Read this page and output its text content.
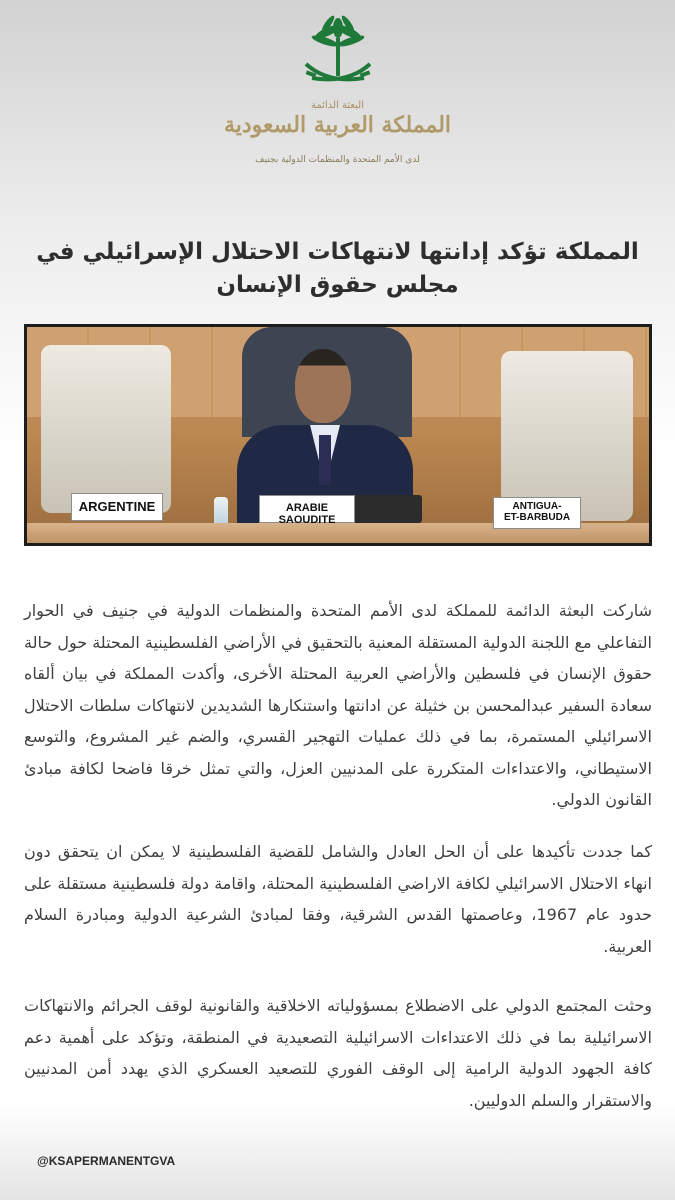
البعثة الدائمة
المملكة العربية السعودية
لدى الأمم المتحدة والمنظمات الدولية بجنيف
المملكة تؤكد إدانتها لانتهاكات الاحتلال الإسرائيلي في
مجلس حقوق الإنسان
ARGENTINE	ARABIE SAOUDITE
ANTIGUA-
ET-BARBUDA

شاركت البعثة الدائمة للمملكة لدى الأمم المتحدة والمنظمات الدولية في جنيف في الحوار التفاعلي مع اللجنة الدولية المستقلة المعنية بالتحقيق في الأراضي الفلسطينية المحتلة حول حالة حقوق الإنسان في فلسطين والأراضي العربية المحتلة الأخرى، وأكدت المملكة في بيان ألقاه سعادة السفير عبدالمحسن بن خثيلة عن ادانتها واستنكارها الشديدين لانتهاكات سلطات الاحتلال الاسرائيلي المستمرة، بما في ذلك عمليات التهجير القسري، والضم غير المشروع، والتوسع الاستيطاني، والاعتداءات المتكررة على المدنيين العزل، والتي تمثل خرقا فاضحا لكافة مبادئ القانون الدولي.

كما جددت تأكيدها على أن الحل العادل والشامل للقضية الفلسطينية لا يمكن ان يتحقق دون انهاء الاحتلال الاسرائيلي لكافة الاراضي الفلسطينية المحتلة، واقامة دولة فلسطينية مستقلة على حدود عام 1967، وعاصمتها القدس الشرقية، وفقا لمبادئ الشرعية الدولية ومبادرة السلام العربية.

وحثت المجتمع الدولي على الاضطلاع بمسؤولياته الاخلاقية والقانونية لوقف الجرائم والانتهاكات الاسرائيلية بما في ذلك الاعتداءات الاسرائيلية التصعيدية في المنطقة، وتؤكد على أهمية دعم كافة الجهود الدولية الرامية إلى الوقف الفوري للتصعيد العسكري الذي يهدد أمن المدنيين والاستقرار والسلم الدوليين.

@KSAPERMANENTGVA
